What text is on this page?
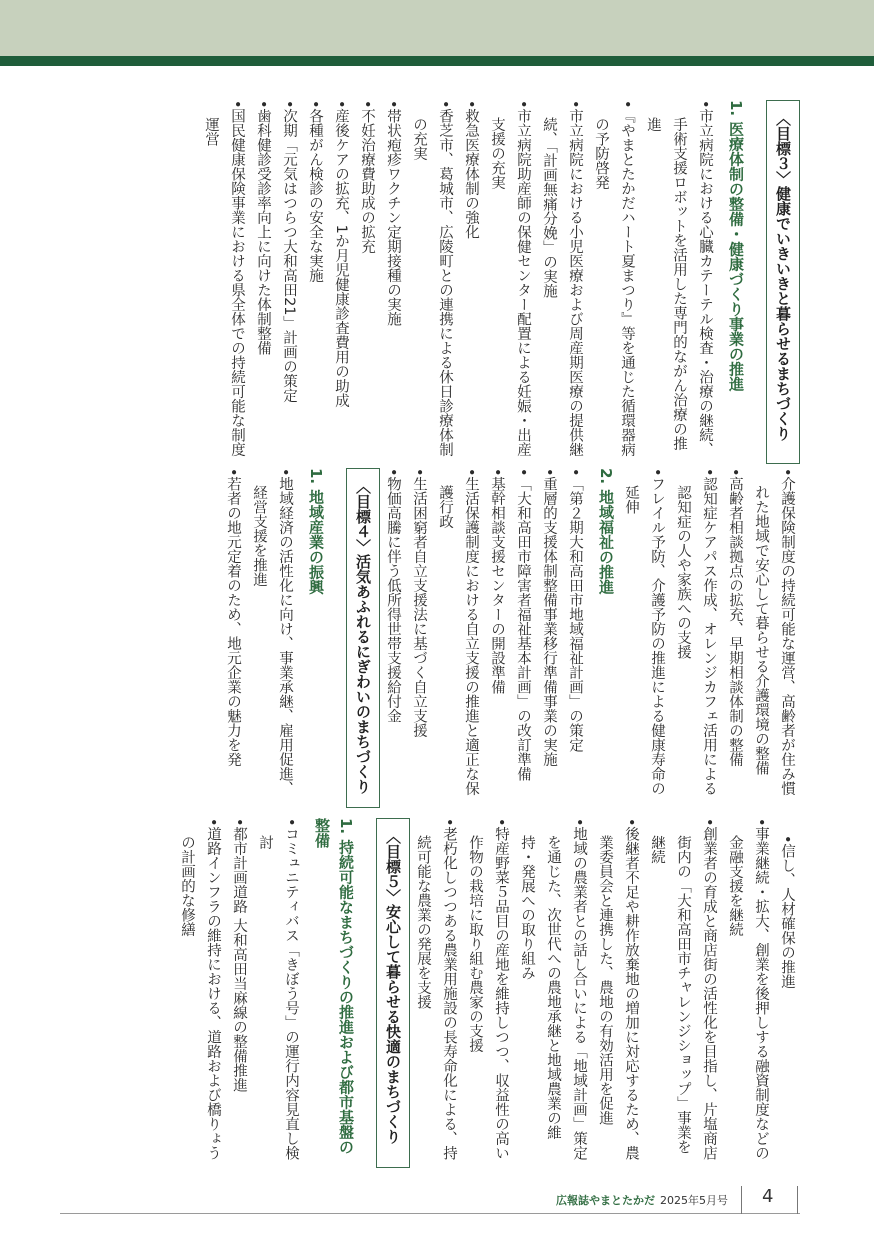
〈目標３〉健康でいきいきと暮らせるまちづくり
1. 医療体制の整備・健康づくり事業の推進
• 市立病院における心臓カテーテル検査・治療の継続、手術支援ロボットを活用した専門的ながん治療の推進
• 『やまとたかだハート夏まつり』等を通じた循環器病の予防啓発
• 市立病院における小児医療および周産期医療の提供継続、「計画無痛分娩」の実施
• 市立病院助産師の保健センター配置による妊娠・出産支援の充実
• 救急医療体制の強化
• 香芝市、葛城市、広陵町との連携による休日診療体制の充実
• 帯状疱疹ワクチン定期接種の実施
• 不妊治療費助成の拡充
• 産後ケアの拡充、1か月児健康診査費用の助成
• 各種がん検診の安全な実施
• 次期「元気はつらつ大和高田21」計画の策定
• 歯科健診受診率向上に向けた体制整備
• 国民健康保険事業における県全体での持続可能な制度運営
• 介護保険制度の持続可能な運営、高齢者が住み慣れた地域で安心して暮らせる介護環境の整備
• 高齢者相談拠点の拡充、早期相談体制の整備
• 認知症ケアパス作成、オレンジカフェ活用による認知症の人や家族への支援
• フレイル予防、介護予防の推進による健康寿命の延伸
2. 地域福祉の推進
• 「第２期大和高田市地域福祉計画」の策定
• 重層的支援体制整備事業移行準備事業の実施
• 「大和高田市障害者福祉基本計画」の改訂準備
• 基幹相談支援センターの開設準備
• 生活保護制度における自立支援の推進と適正な保護行政
• 生活困窮者自立支援法に基づく自立支援
• 物価高騰に伴う低所得世帯支援給付金
〈目標４〉活気あふれるにぎわいのまちづくり
1. 地域産業の振興
• 地域経済の活性化に向け、事業承継、雇用促進、経営支援を推進
• 若者の地元定着のため、地元企業の魅力を発
• 信し、人材確保の推進
• 事業継続・拡大、創業を後押しする融資制度などの金融支援を継続
• 創業者の育成と商店街の活性化を目指し、片塩商店街内の「大和高田市チャレンジショップ」事業を継続
• 後継者不足や耕作放棄地の増加に対応するため、農業委員会と連携した、農地の有効活用を促進
• 地域の農業者との話し合いによる「地域計画」策定を通じた、次世代への農地承継と地域農業の維持・発展への取り組み
• 特産野菜５品目の産地を維持しつつ、収益性の高い作物の栽培に取り組む農家の支援
• 老朽化しつつある農業用施設の長寿命化による、持続可能な農業の発展を支援
〈目標５〉安心して暮らせる快適のまちづくり
1. 持続可能なまちづくりの推進および都市基盤の整備
• コミュニティバス「きぼう号」の運行内容見直し検討
• 都市計画道路 大和高田当麻線の整備推進
• 道路インフラの維持における、道路および橋りょうの計画的な修繕
広報誌やまとたかだ 2025年5月号 4
